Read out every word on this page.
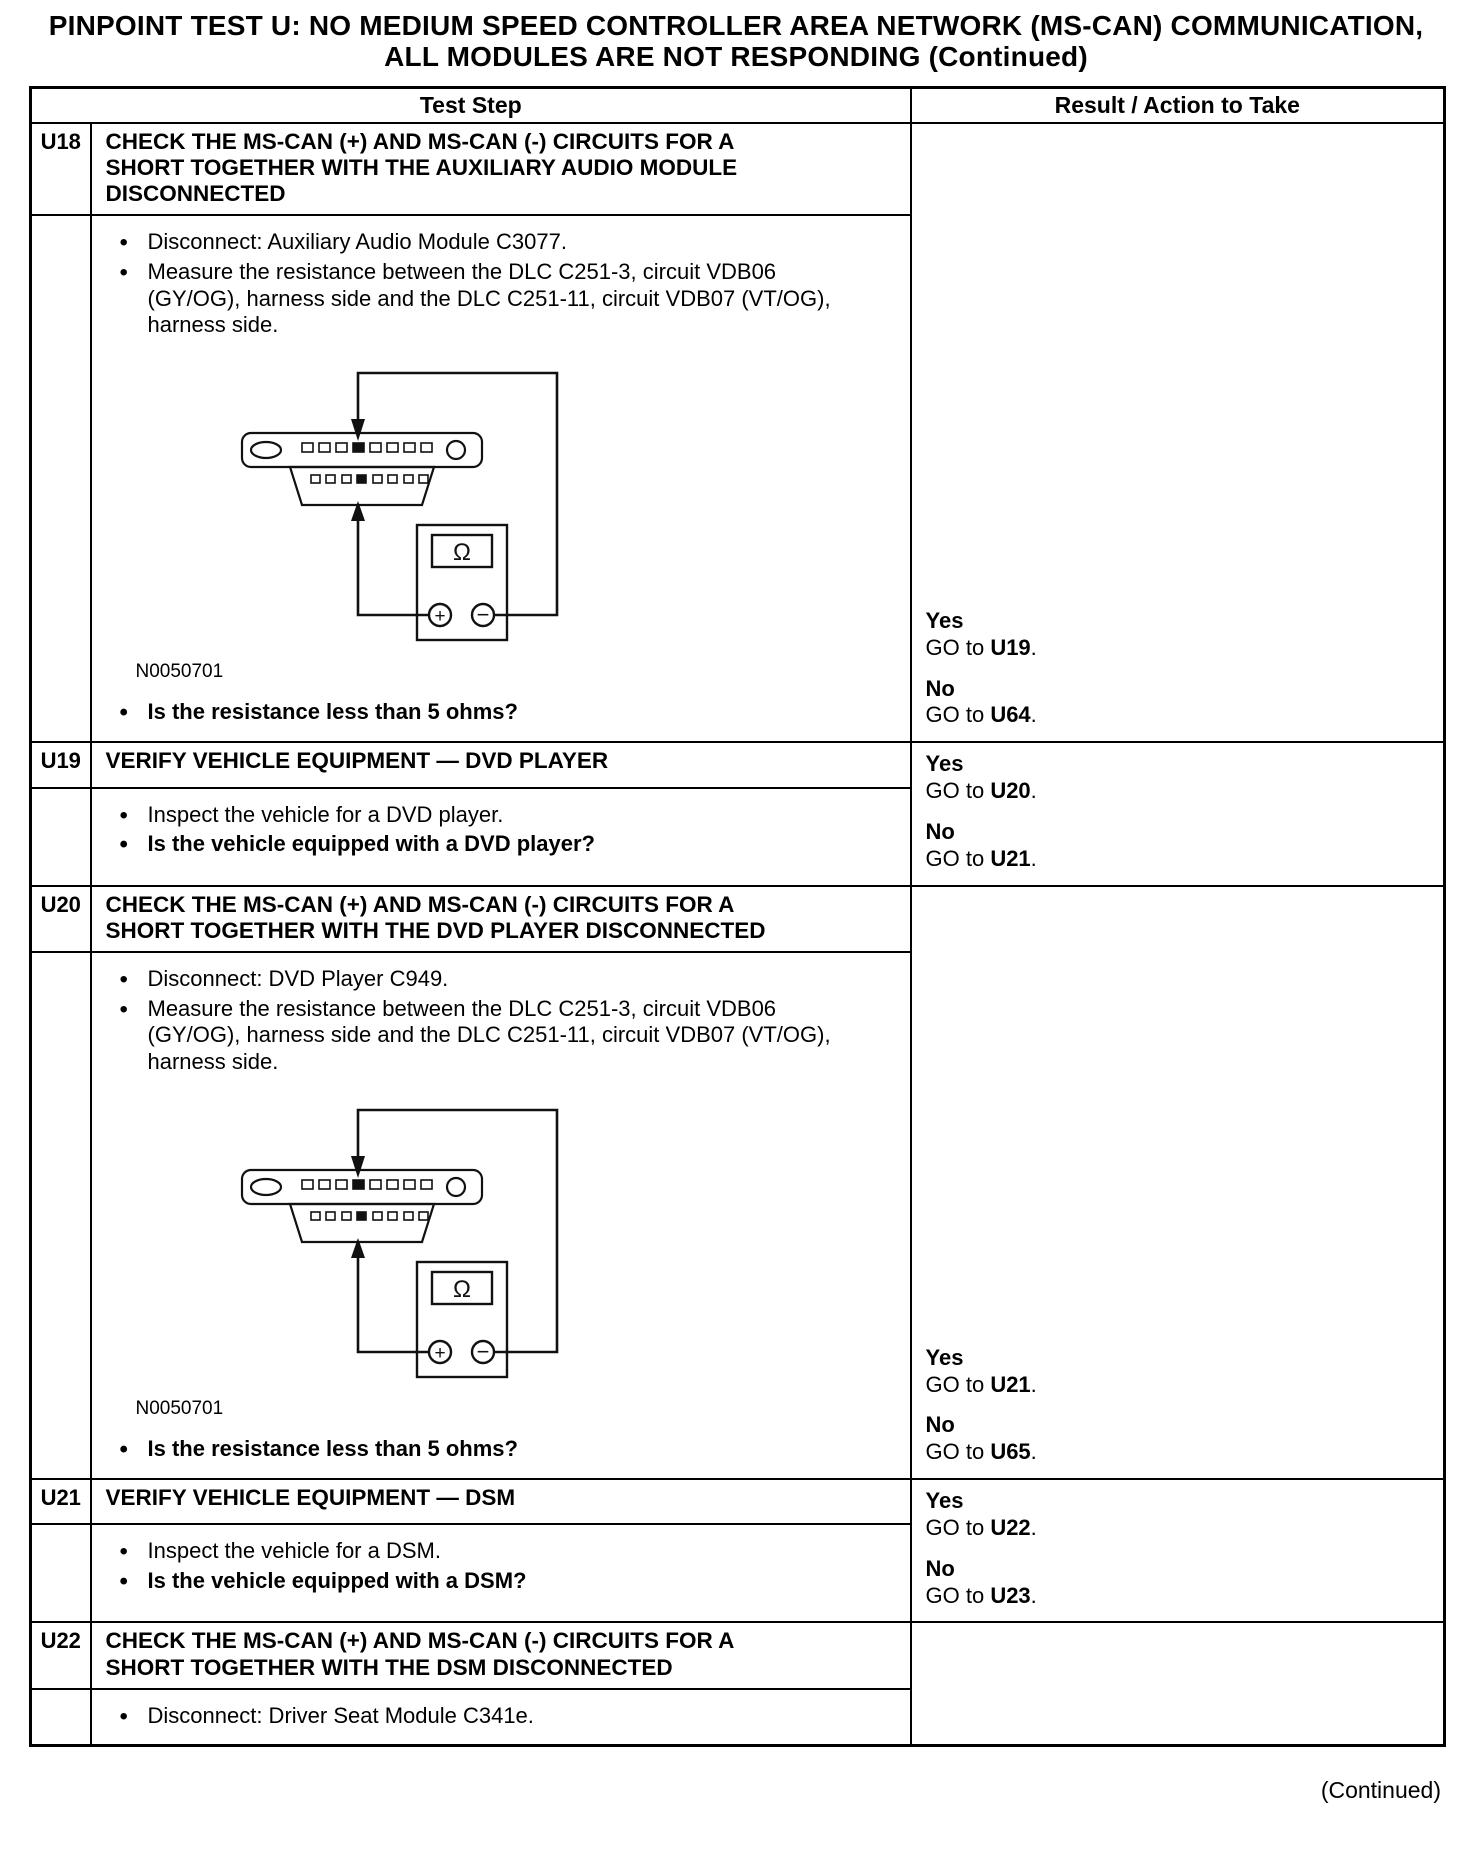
PINPOINT TEST U: NO MEDIUM SPEED CONTROLLER AREA NETWORK (MS-CAN) COMMUNICATION,
ALL MODULES ARE NOT RESPONDING (Continued)
Test Step		Result / Action to Take
U18	CHECK THE MS-CAN (+) AND MS-CAN (-) CIRCUITS FOR A SHORT TOGETHER WITH THE AUXILIARY AUDIO MODULE DISCONNECTED	Yes
GO to U19.
No
GO to U64.

• Disconnect: Auxiliary Audio Module C3077.
• Measure the resistance between the DLC C251-3, circuit VDB06 (GY/OG), harness side and the DLC C251-11, circuit VDB07 (VT/OG), harness side.
Ω
+ −
N0050701
• Is the resistance less than 5 ohms?

U19	VERIFY VEHICLE EQUIPMENT — DVD PLAYER	Yes
GO to U20.
No
GO to U21.

• Inspect the vehicle for a DVD player.
• Is the vehicle equipped with a DVD player?

U20	CHECK THE MS-CAN (+) AND MS-CAN (-) CIRCUITS FOR A SHORT TOGETHER WITH THE DVD PLAYER DISCONNECTED	Yes
GO to U21.
No
GO to U65.

• Disconnect: DVD Player C949.
• Measure the resistance between the DLC C251-3, circuit VDB06 (GY/OG), harness side and the DLC C251-11, circuit VDB07 (VT/OG), harness side.
Ω
+ −
N0050701
• Is the resistance less than 5 ohms?

U21	VERIFY VEHICLE EQUIPMENT — DSM	Yes
GO to U22.
No
GO to U23.

• Inspect the vehicle for a DSM.
• Is the vehicle equipped with a DSM?

U22	CHECK THE MS-CAN (+) AND MS-CAN (-) CIRCUITS FOR A SHORT TOGETHER WITH THE DSM DISCONNECTED	

• Disconnect: Driver Seat Module C341e.
(Continued)
